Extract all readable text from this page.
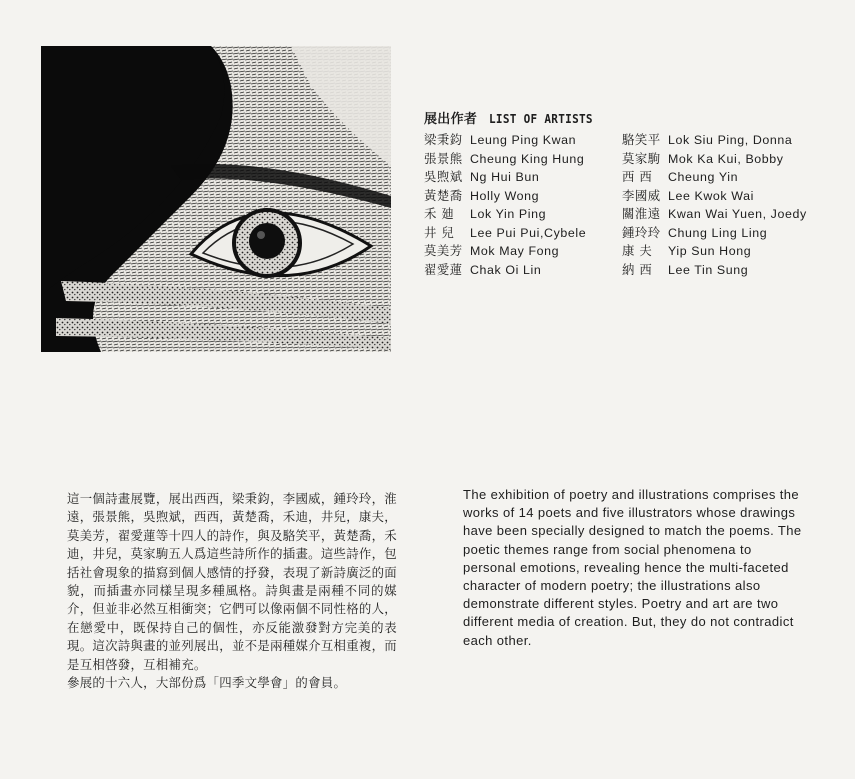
展出作者 LIST OF ARTISTS
梁秉鈞 Leung Ping Kwan
張景熊 Cheung King Hung
吳煦斌 Ng Hui Bun
黃楚喬 Holly Wong
禾 廸 Lok Yin Ping
井 兒 Lee Pui Pui,Cybele
莫美芳 Mok May Fong
翟愛蓮 Chak Oi Lin
駱笑平 Lok Siu Ping, Donna
莫家駒 Mok Ka Kui, Bobby
西 西 Cheung Yin
李國威 Lee Kwok Wai
關淮遠 Kwan Wai Yuen, Joedy
鍾玲玲 Chung Ling Ling
康 夫 Yip Sun Hong
納 西 Lee Tin Sung

這一個詩畫展覽，展出西西，梁秉鈞，李國威，鍾玲玲，淮遠，張景熊，吳煦斌，西西，黃楚喬，禾迪，井兒，康夫，莫美芳，翟愛蓮等十四人的詩作，與及駱笑平，黃楚喬，禾迪，井兒，莫家駒五人爲這些詩所作的插畫。這些詩作，包括社會現象的描寫到個人感情的抒發，表現了新詩廣泛的面貌，而插畫亦同樣呈現多種風格。詩與畫是兩種不同的媒介，但並非必然互相衝突；它們可以像兩個不同性格的人，在戀愛中，既保持自己的個性，亦反能激發對方完美的表現。這次詩與畫的並列展出，並不是兩種媒介互相重複，而是互相啓發，互相補充。

參展的十六人，大部份爲「四季文學會」的會員。

The exhibition of poetry and illustrations comprises the works of 14 poets and five illustrators whose drawings have been specially designed to match the poems. The poetic themes range from social phenomena to personal emotions, revealing hence the multi-faceted character of modern poetry; the illustrations also demonstrate different styles. Poetry and art are two different media of creation. But, they do not contradict each other.
